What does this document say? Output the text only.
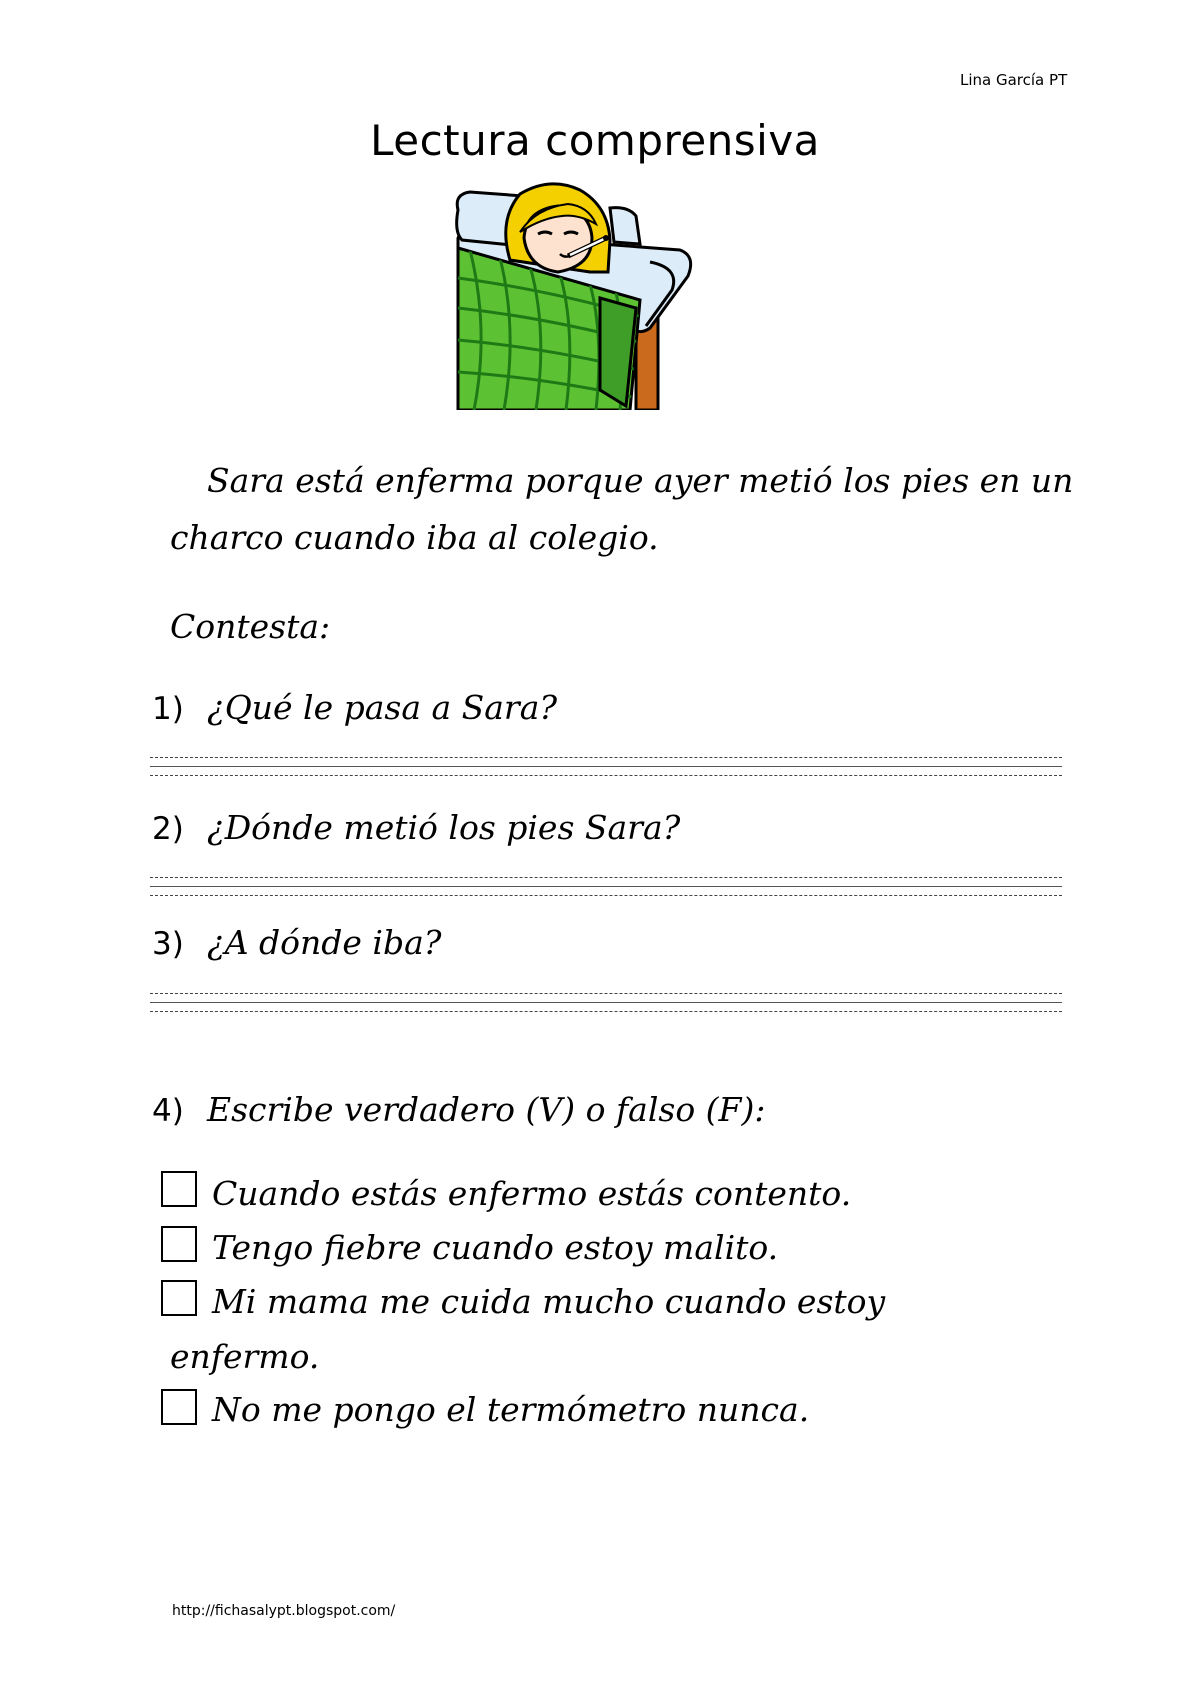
Lina García PT
Lectura comprensiva
Sara está enferma porque ayer metió los pies en un charco cuando iba al colegio.
Contesta:
1) ¿Qué le pasa a Sara?
2) ¿Dónde metió los pies Sara?
3) ¿A dónde iba?
4) Escribe verdadero (V) o falso (F):
Cuando estás enfermo estás contento.
Tengo fiebre cuando estoy malito.
Mi mama me cuida mucho cuando estoy
enfermo.
No me pongo el termómetro nunca.
http://fichasalypt.blogspot.com/
